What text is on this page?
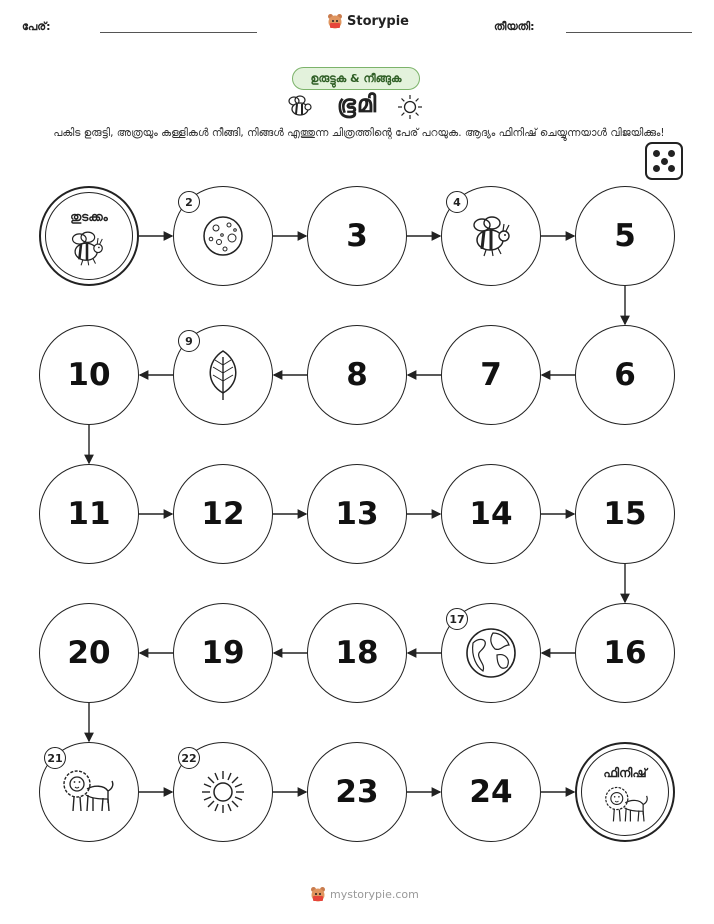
പേര്:	Storypie	തീയതി:
ഉരുട്ടുക & നീങ്ങുക
ഭൂമി
പകിട ഉരുട്ടി, അത്രയും കള്ളികൾ നീങ്ങി, നിങ്ങൾ എത്തുന്ന ചിത്രത്തിന്റെ പേര് പറയുക. ആദ്യം ഫിനിഷ് ചെയ്യുന്നയാൾ വിജയിക്കും!
തുടക്കം
2
3
4
5
6
7
8
9
10
11	12	13	14	15
16
17
18
19
20
21	22
23	24
ഫിനിഷ്
mystorypie.com
